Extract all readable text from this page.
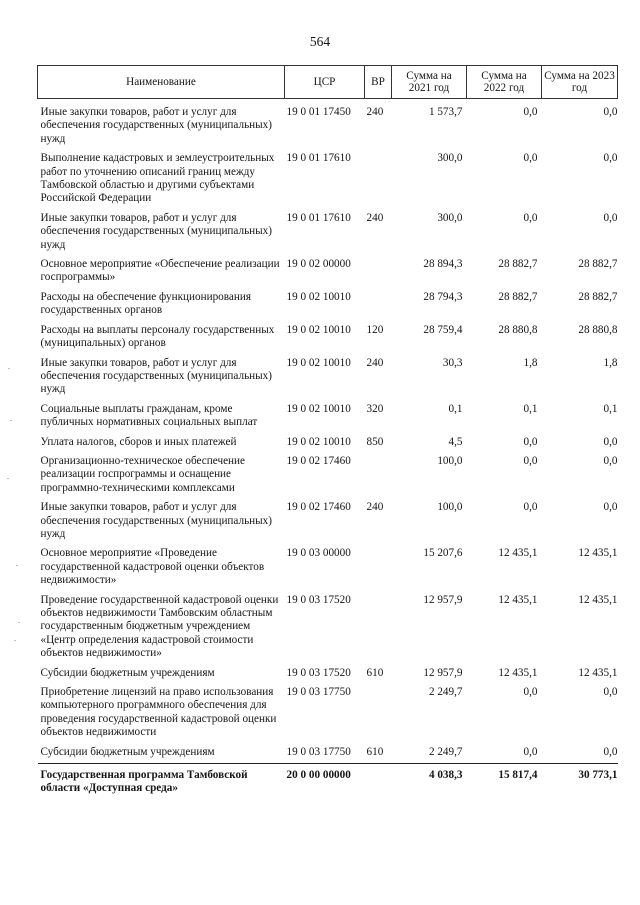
564
Наименование	ЦСР	ВР	Сумма на 2021 год	Сумма на 2022 год	Сумма на 2023 год
Иные закупки товаров, работ и услуг для обеспечения государственных (муниципальных) нужд	19 0 01 17450	240	1 573,7	0,0	0,0
Выполнение кадастровых и землеустроительных работ по уточнению описаний границ между Тамбовской областью и другими субъектами Российской Федерации	19 0 01 17610		300,0	0,0	0,0
Иные закупки товаров, работ и услуг для обеспечения государственных (муниципальных) нужд	19 0 01 17610	240	300,0	0,0	0,0
Основное мероприятие «Обеспечение реализации госпрограммы»	19 0 02 00000		28 894,3	28 882,7	28 882,7
Расходы на обеспечение функционирования государственных органов	19 0 02 10010		28 794,3	28 882,7	28 882,7
Расходы на выплаты персоналу государственных (муниципальных) органов	19 0 02 10010	120	28 759,4	28 880,8	28 880,8
Иные закупки товаров, работ и услуг для обеспечения государственных (муниципальных) нужд	19 0 02 10010	240	30,3	1,8	1,8
Социальные выплаты гражданам, кроме публичных нормативных социальных выплат	19 0 02 10010	320	0,1	0,1	0,1
Уплата налогов, сборов и иных платежей	19 0 02 10010	850	4,5	0,0	0,0
Организационно-техническое обеспечение реализации госпрограммы и оснащение программно-техническими комплексами	19 0 02 17460		100,0	0,0	0,0
Иные закупки товаров, работ и услуг для обеспечения государственных (муниципальных) нужд	19 0 02 17460	240	100,0	0,0	0,0
Основное мероприятие «Проведение государственной кадастровой оценки объектов недвижимости»	19 0 03 00000		15 207,6	12 435,1	12 435,1
Проведение государственной кадастровой оценки объектов недвижимости Тамбовским областным государственным бюджетным учреждением «Центр определения кадастровой стоимости объектов недвижимости»	19 0 03 17520		12 957,9	12 435,1	12 435,1
Субсидии бюджетным учреждениям	19 0 03 17520	610	12 957,9	12 435,1	12 435,1
Приобретение лицензий на право использования компьютерного программного обеспечения для проведения государственной кадастровой оценки объектов недвижимости	19 0 03 17750		2 249,7	0,0	0,0
Субсидии бюджетным учреждениям	19 0 03 17750	610	2 249,7	0,0	0,0
Государственная программа Тамбовской области «Доступная среда»	20 0 00 00000		4 038,3	15 817,4	30 773,1
